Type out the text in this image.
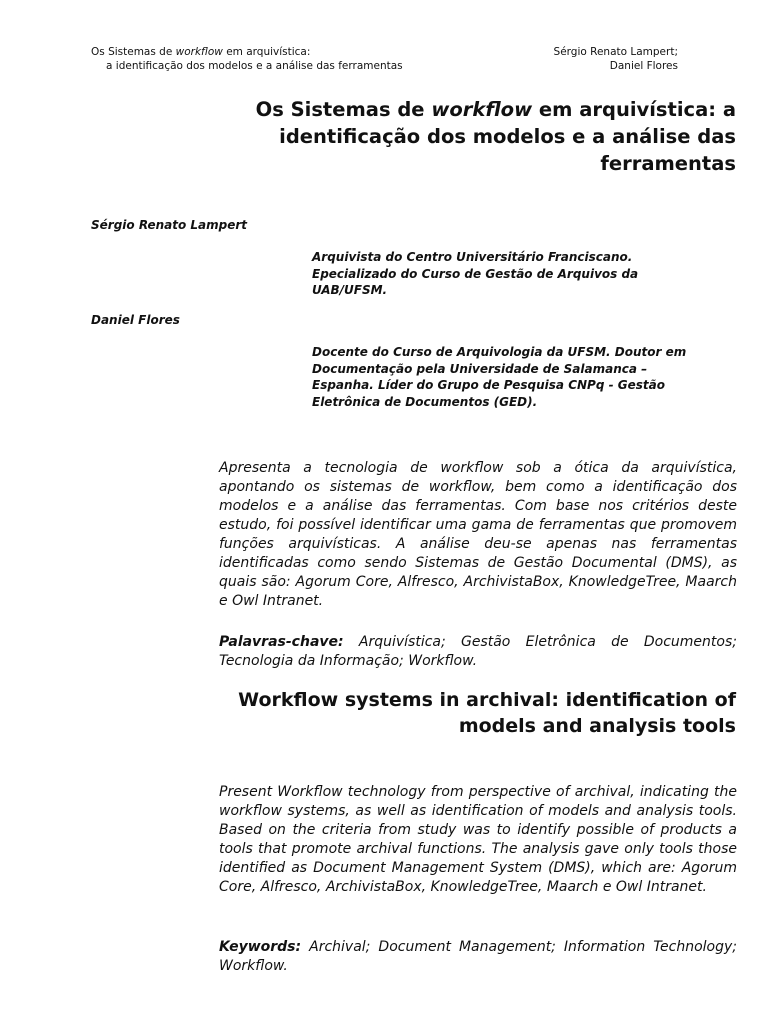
Os Sistemas de workflow em arquivística:
a identificação dos modelos e a análise das ferramentas
Sérgio Renato Lampert;
Daniel Flores
Os Sistemas de workflow em arquivística: a identificação dos modelos e a análise das ferramentas
Sérgio Renato Lampert
Arquivista do Centro Universitário Franciscano. Epecializado do Curso de Gestão de Arquivos da UAB/UFSM.
Daniel Flores
Docente do Curso de Arquivologia da UFSM. Doutor em Documentação pela Universidade de Salamanca – Espanha. Líder do Grupo de Pesquisa CNPq - Gestão Eletrônica de Documentos (GED).
Apresenta a tecnologia de workflow sob a ótica da arquivística, apontando os sistemas de workflow, bem como a identificação dos modelos e a análise das ferramentas. Com base nos critérios deste estudo, foi possível identificar uma gama de ferramentas que promovem funções arquivísticas. A análise deu-se apenas nas ferramentas identificadas como sendo Sistemas de Gestão Documental (DMS), as quais são: Agorum Core, Alfresco, ArchivistaBox, KnowledgeTree, Maarch e Owl Intranet.
Palavras-chave: Arquivística; Gestão Eletrônica de Documentos; Tecnologia da Informação; Workflow.
Workflow systems in archival: identification of models and analysis tools
Present Workflow technology from perspective of archival, indicating the workflow systems, as well as identification of models and analysis tools. Based on the criteria from study was to identify possible of products a tools that promote archival functions. The analysis gave only tools those identified as Document Management System (DMS), which are: Agorum Core, Alfresco, ArchivistaBox, KnowledgeTree, Maarch e Owl Intranet.
Keywords: Archival; Document Management; Information Technology; Workflow.
